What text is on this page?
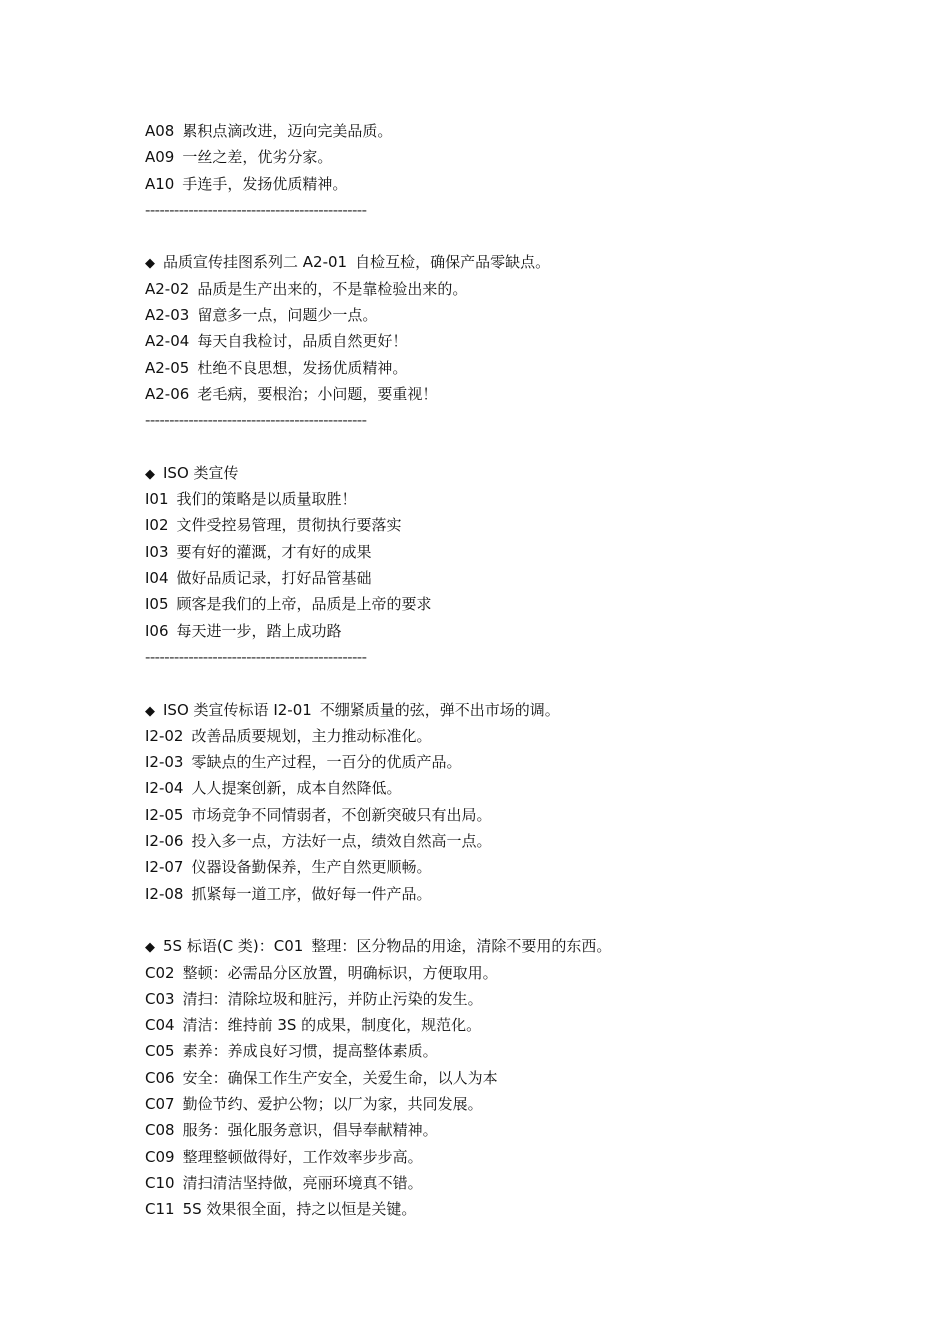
A08 累积点滴改进，迈向完美品质。
A09 一丝之差，优劣分家。
A10 手连手，发扬优质精神。
----------------------------------------------
◆ 品质宣传挂图系列二 A2-01 自检互检，确保产品零缺点。
A2-02 品质是生产出来的，不是靠检验出来的。
A2-03 留意多一点，问题少一点。
A2-04 每天自我检讨，品质自然更好！
A2-05 杜绝不良思想，发扬优质精神。
A2-06 老毛病，要根治；小问题，要重视！
----------------------------------------------
◆ ISO 类宣传
I01 我们的策略是以质量取胜！
I02 文件受控易管理，贯彻执行要落实
I03 要有好的灌溉，才有好的成果
I04 做好品质记录，打好品管基础
I05 顾客是我们的上帝，品质是上帝的要求
I06 每天进一步，踏上成功路
----------------------------------------------
◆ ISO 类宣传标语 I2-01 不绷紧质量的弦，弹不出市场的调。
I2-02 改善品质要规划，主力推动标准化。
I2-03 零缺点的生产过程，一百分的优质产品。
I2-04 人人提案创新，成本自然降低。
I2-05 市场竞争不同情弱者，不创新突破只有出局。
I2-06 投入多一点，方法好一点，绩效自然高一点。
I2-07 仪器设备勤保养，生产自然更顺畅。
I2-08 抓紧每一道工序，做好每一件产品。
◆ 5S 标语(C 类)：C01 整理：区分物品的用途，清除不要用的东西。
C02 整顿：必需品分区放置，明确标识，方便取用。
C03 清扫：清除垃圾和脏污，并防止污染的发生。
C04 清洁：维持前 3S 的成果，制度化，规范化。
C05 素养：养成良好习惯，提高整体素质。
C06 安全：确保工作生产安全，关爱生命，以人为本
C07 勤俭节约、爱护公物；以厂为家，共同发展。
C08 服务：强化服务意识，倡导奉献精神。
C09 整理整顿做得好，工作效率步步高。
C10 清扫清洁坚持做，亮丽环境真不错。
C11 5S 效果很全面，持之以恒是关键。
